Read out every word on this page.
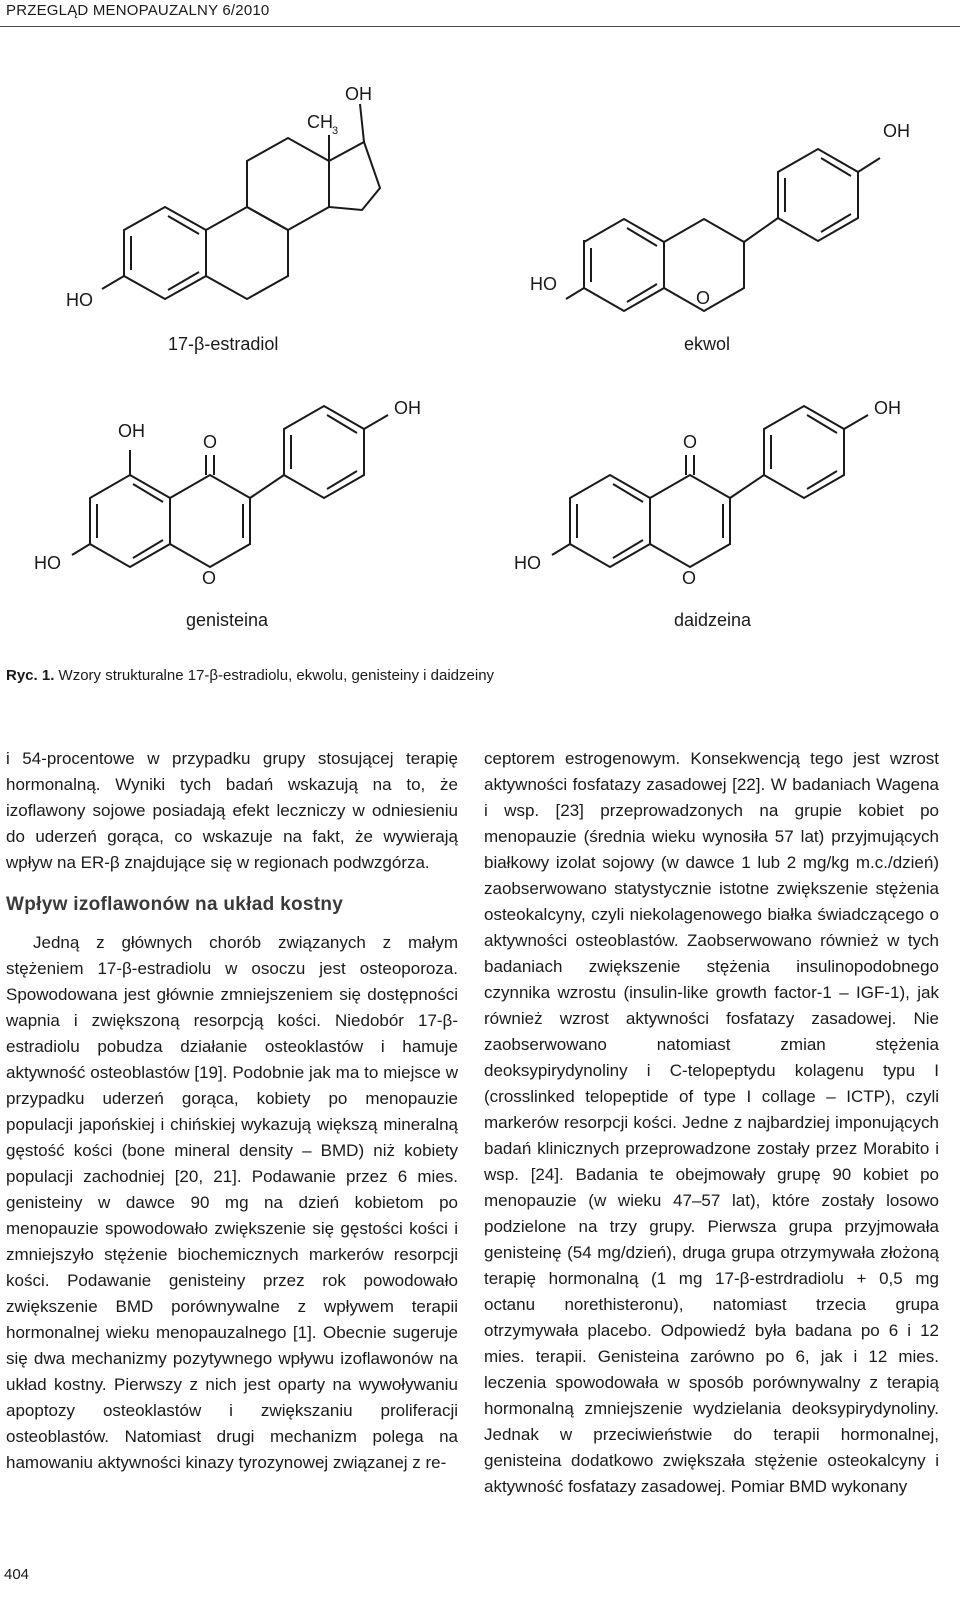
PRZEGLĄD MENOPAUZALNY 6/2010
OH
CH 3
HO
17-β-estradiol
OH
HO
O
ekwol
OH
O
OH
HO
O
genisteina
O
OH
HO
O
daidzeina
Ryc. 1. Wzory strukturalne 17-β-estradiolu, ekwolu, genisteiny i daidzeiny

i 54-procentowe w przypadku grupy stosującej terapię hormonalną. Wyniki tych badań wskazują na to, że izoflawony sojowe posiadają efekt leczniczy w odniesieniu do uderzeń gorąca, co wskazuje na fakt, że wywierają wpływ na ER-β znajdujące się w regionach podwzgórza.

Wpływ izoflawonów na układ kostny

Jedną z głównych chorób związanych z małym stężeniem 17-β-estradiolu w osoczu jest osteoporoza. Spowodowana jest głównie zmniejszeniem się dostępności wapnia i zwiększoną resorpcją kości. Niedobór 17-β-estradiolu pobudza działanie osteoklastów i hamuje aktywność osteoblastów [19]. Podobnie jak ma to miejsce w przypadku uderzeń gorąca, kobiety po menopauzie populacji japońskiej i chińskiej wykazują większą mineralną gęstość kości (bone mineral density – BMD) niż kobiety populacji zachodniej [20, 21]. Podawanie przez 6 mies. genisteiny w dawce 90 mg na dzień kobietom po menopauzie spowodowało zwiększenie się gęstości kości i zmniejszyło stężenie biochemicznych markerów resorpcji kości. Podawanie genisteiny przez rok powodowało zwiększenie BMD porównywalne z wpływem terapii hormonalnej wieku menopauzalnego [1]. Obecnie sugeruje się dwa mechanizmy pozytywnego wpływu izoflawonów na układ kostny. Pierwszy z nich jest oparty na wywoływaniu apoptozy osteoklastów i zwiększaniu proliferacji osteoblastów. Natomiast drugi mechanizm polega na hamowaniu aktywności kinazy tyrozynowej związanej z re-

ceptorem estrogenowym. Konsekwencją tego jest wzrost aktywności fosfatazy zasadowej [22]. W badaniach Wagena i wsp. [23] przeprowadzonych na grupie kobiet po menopauzie (średnia wieku wynosiła 57 lat) przyjmujących białkowy izolat sojowy (w dawce 1 lub 2 mg/kg m.c./dzień) zaobserwowano statystycznie istotne zwiększenie stężenia osteokalcyny, czyli niekolagenowego białka świadczącego o aktywności osteoblastów. Zaobserwowano również w tych badaniach zwiększenie stężenia insulinopodobnego czynnika wzrostu (insulin-like growth factor-1 – IGF-1), jak również wzrost aktywności fosfatazy zasadowej. Nie zaobserwowano natomiast zmian stężenia deoksypirydynoliny i C-telopeptydu kolagenu typu I (crosslinked telopeptide of type I collage – ICTP), czyli markerów resorpcji kości. Jedne z najbardziej imponujących badań klinicznych przeprowadzone zostały przez Morabito i wsp. [24]. Badania te obejmowały grupę 90 kobiet po menopauzie (w wieku 47–57 lat), które zostały losowo podzielone na trzy grupy. Pierwsza grupa przyjmowała genisteinę (54 mg/dzień), druga grupa otrzymywała złożoną terapię hormonalną (1 mg 17-β-estrdradiolu + 0,5 mg octanu norethisteronu), natomiast trzecia grupa otrzymywała placebo. Odpowiedź była badana po 6 i 12 mies. terapii. Genisteina zarówno po 6, jak i 12 mies. leczenia spowodowała w sposób porównywalny z terapią hormonalną zmniejszenie wydzielania deoksypirydynoliny. Jednak w przeciwieństwie do terapii hormonalnej, genisteina dodatkowo zwiększała stężenie osteokalcyny i aktywność fosfatazy zasadowej. Pomiar BMD wykonany

404
